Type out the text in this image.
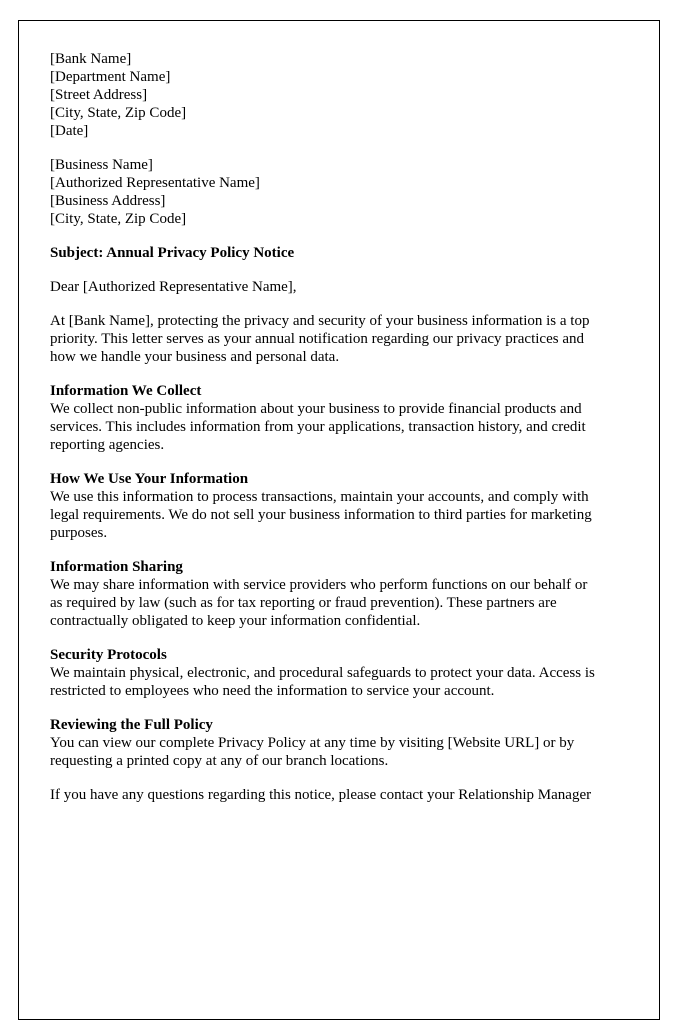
[Bank Name]
[Department Name]
[Street Address]
[City, State, Zip Code]
[Date]
[Business Name]
[Authorized Representative Name]
[Business Address]
[City, State, Zip Code]

Subject: Annual Privacy Policy Notice

Dear [Authorized Representative Name],

At [Bank Name], protecting the privacy and security of your business information is a top
priority. This letter serves as your annual notification regarding our privacy practices and
how we handle your business and personal data.
Information We Collect
We collect non-public information about your business to provide financial products and
services. This includes information from your applications, transaction history, and credit
reporting agencies.
How We Use Your Information
We use this information to process transactions, maintain your accounts, and comply with
legal requirements. We do not sell your business information to third parties for marketing
purposes.
Information Sharing
We may share information with service providers who perform functions on our behalf or
as required by law (such as for tax reporting or fraud prevention). These partners are
contractually obligated to keep your information confidential.
Security Protocols
We maintain physical, electronic, and procedural safeguards to protect your data. Access is
restricted to employees who need the information to service your account.
Reviewing the Full Policy
You can view our complete Privacy Policy at any time by visiting [Website URL] or by
requesting a printed copy at any of our branch locations.

If you have any questions regarding this notice, please contact your Relationship Manager
